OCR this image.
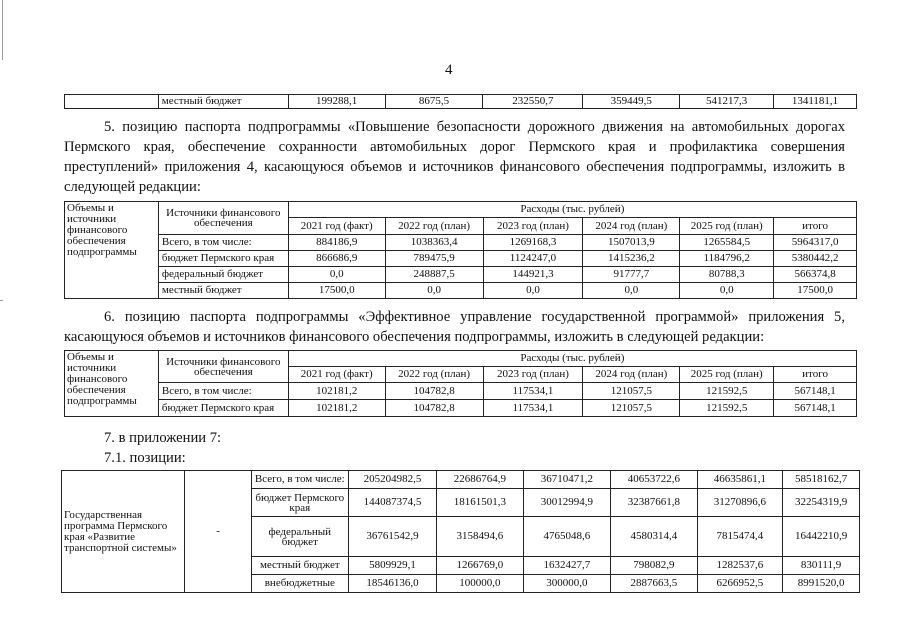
4
	местный бюджет	199288,1	8675,5	232550,7	359449,5	541217,3	1341181,1
5. позицию паспорта подпрограммы «Повышение безопасности дорожного движения на автомобильных дорогах Пермского края, обеспечение сохранности автомобильных дорог Пермского края и профилактика совершения преступлений» приложения 4, касающуюся объемов и источников финансового обеспечения подпрограммы, изложить в следующей редакции:
Объемы и источники финансового обеспечения подпрограммы	Источники финансового обеспечения	Расходы (тыс. рублей)					
		2021 год (факт)	2022 год (план)	2023 год (план)	2024 год (план)	2025 год (план)	итого
	Всего, в том числе:	884186,9	1038363,4	1269168,3	1507013,9	1265584,5	5964317,0
	бюджет Пермского края	866686,9	789475,9	1124247,0	1415236,2	1184796,2	5380442,2
	федеральный бюджет	0,0	248887,5	144921,3	91777,7	80788,3	566374,8
	местный бюджет	17500,0	0,0	0,0	0,0	0,0	17500,0
6. позицию паспорта подпрограммы «Эффективное управление государственной программой» приложения 5, касающуюся объемов и источников финансового обеспечения подпрограммы, изложить в следующей редакции:
Объемы и источники финансового обеспечения подпрограммы	Источники финансового обеспечения	Расходы (тыс. рублей)					
		2021 год (факт)	2022 год (план)	2023 год (план)	2024 год (план)	2025 год (план)	итого
	Всего, в том числе:	102181,2	104782,8	117534,1	121057,5	121592,5	567148,1
	бюджет Пермского края	102181,2	104782,8	117534,1	121057,5	121592,5	567148,1
7. в приложении 7:
7.1. позиции:
Государственная программа Пермского края «Развитие транспортной системы»	-	Всего, в том числе:	205204982,5	22686764,9	36710471,2	40653722,6	46635861,1	58518162,7
		бюджет Пермского края	144087374,5	18161501,3	30012994,9	32387661,8	31270896,6	32254319,9
		федеральный бюджет	36761542,9	3158494,6	4765048,6	4580314,4	7815474,4	16442210,9
		местный бюджет	5809929,1	1266769,0	1632427,7	798082,9	1282537,6	830111,9
		внебюджетные	18546136,0	100000,0	300000,0	2887663,5	6266952,5	8991520,0
